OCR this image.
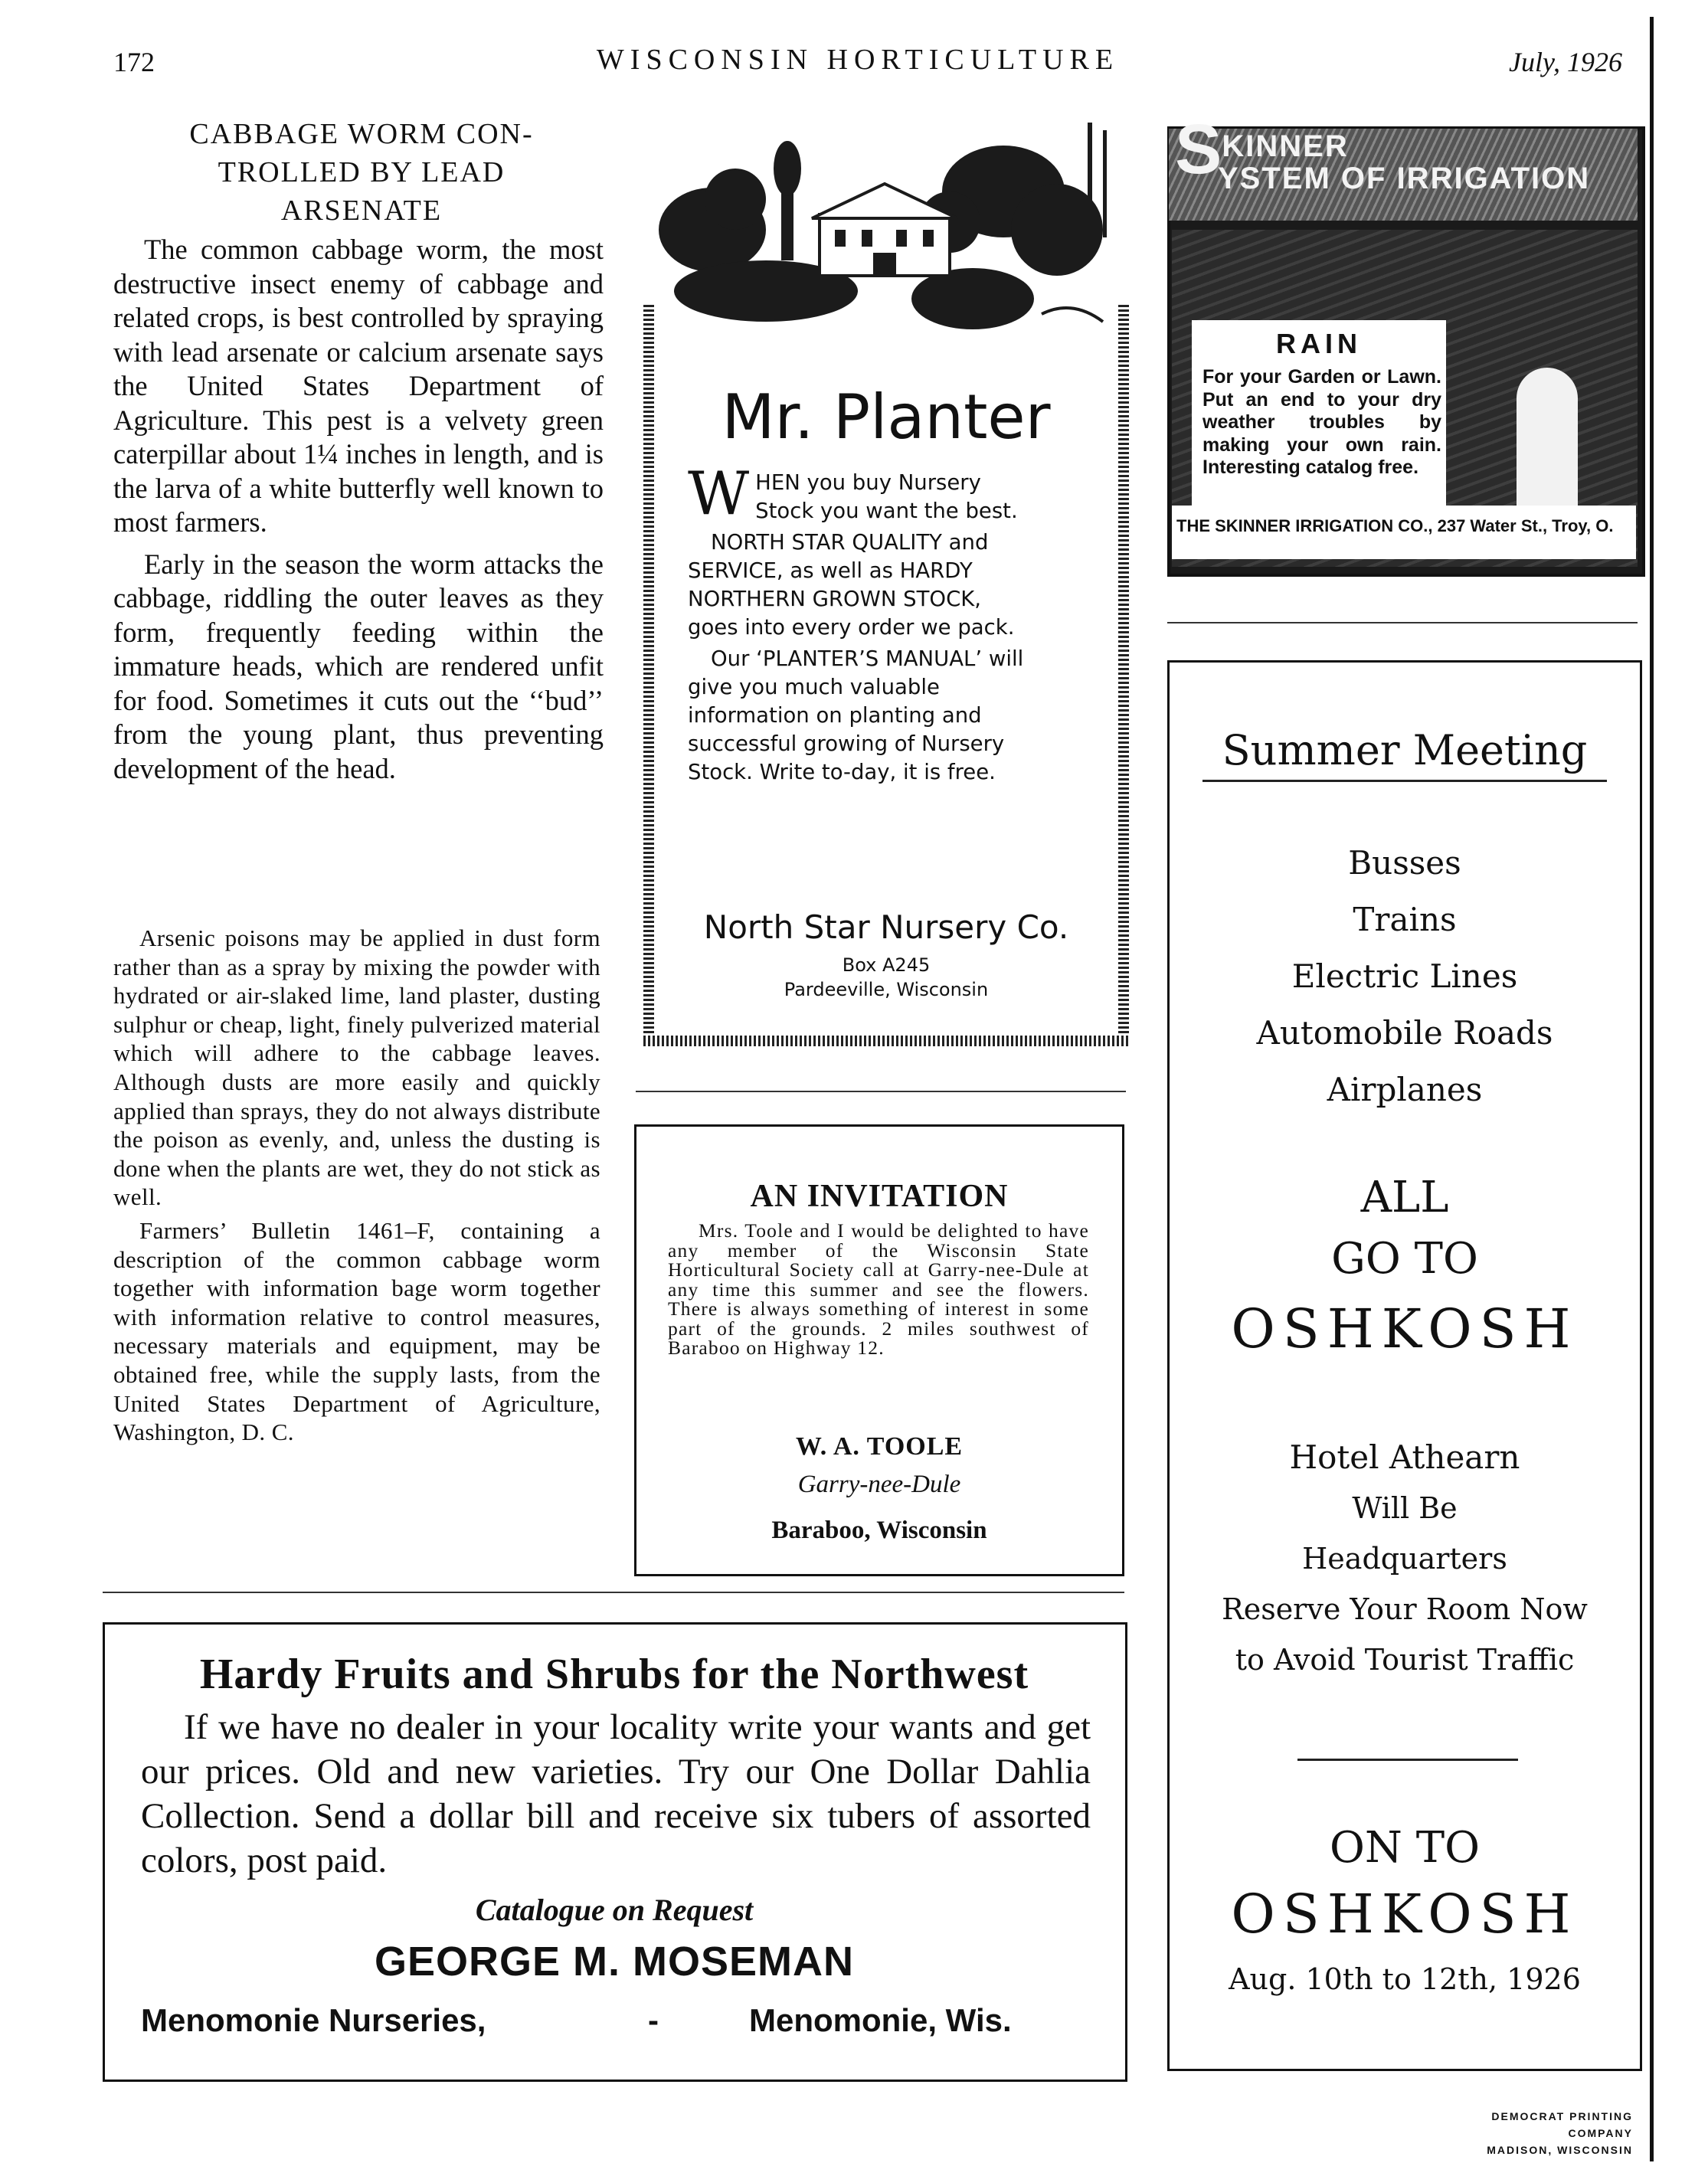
172	WISCONSIN HORTICULTURE	July, 1926
CABBAGE WORM CON-
TROLLED BY LEAD
ARSENATE

The common cabbage worm, the most destructive insect enemy of cabbage and related crops, is best controlled by spraying with lead arsenate or calcium arsenate says the United States Department of Agriculture. This pest is a velvety green caterpillar about 1¼ inches in length, and is the larva of a white butterfly well known to most farmers.

Early in the season the worm attacks the cabbage, riddling the outer leaves as they form, frequently feeding within the immature heads, which are rendered unfit for food. Sometimes it cuts out the ‘‘bud’’ from the young plant, thus preventing development of the head.

Arsenic poisons may be applied in dust form rather than as a spray by mixing the powder with hydrated or air-slaked lime, land plaster, dusting sulphur or cheap, light, finely pulverized material which will adhere to the cabbage leaves. Although dusts are more easily and quickly applied than sprays, they do not always distribute the poison as evenly, and, unless the dusting is done when the plants are wet, they do not stick as well.

Farmers’ Bulletin 1461–F, containing a description of the common cabbage worm together with information bage worm together with information relative to control measures, necessary materials and equipment, may be obtained free, while the supply lasts, from the United States Department of Agriculture, Washington, D. C.

Mr. Planter

WHEN you buy Nursery Stock you want the best.

NORTH STAR QUALITY and SERVICE, as well as HARDY NORTHERN GROWN STOCK, goes into every order we pack.

Our ‘PLANTER’S MANUAL’ will give you much valuable information on planting and successful growing of Nursery Stock. Write to-day, it is free.

North Star Nursery Co.
Box A245
Pardeeville, Wisconsin
AN INVITATION

Mrs. Toole and I would be delighted to have any member of the Wisconsin State Horticultural Society call at Garry-nee-Dule at any time this summer and see the flowers. There is always something of interest in some part of the grounds. 2 miles southwest of Baraboo on Highway 12.

W. A. TOOLE
Garry-nee-Dule
Baraboo, Wisconsin
SKINNER
YSTEM OF IRRIGATION
RAIN
For your Garden or Lawn. Put an end to your dry weather troubles by making your own rain. Interesting catalog free.
THE SKINNER IRRIGATION CO., 237 Water St., Troy, O.
Summer Meeting
Busses
Trains
Electric Lines
Automobile Roads
Airplanes
ALL
GO TO
OSHKOSH
Hotel Athearn
Will Be
Headquarters
Reserve Your Room Now
to Avoid Tourist Traffic
ON TO
OSHKOSH
Aug. 10th to 12th, 1926
Hardy Fruits and Shrubs for the Northwest

If we have no dealer in your locality write your wants and get our prices. Old and new varieties. Try our One Dollar Dahlia Collection. Send a dollar bill and receive six tubers of assorted colors, post paid.

Catalogue on Request
GEORGE M. MOSEMAN
Menomonie Nurseries,	-	Menomonie, Wis.
DEMOCRAT PRINTING COMPANY
MADISON, WISCONSIN
